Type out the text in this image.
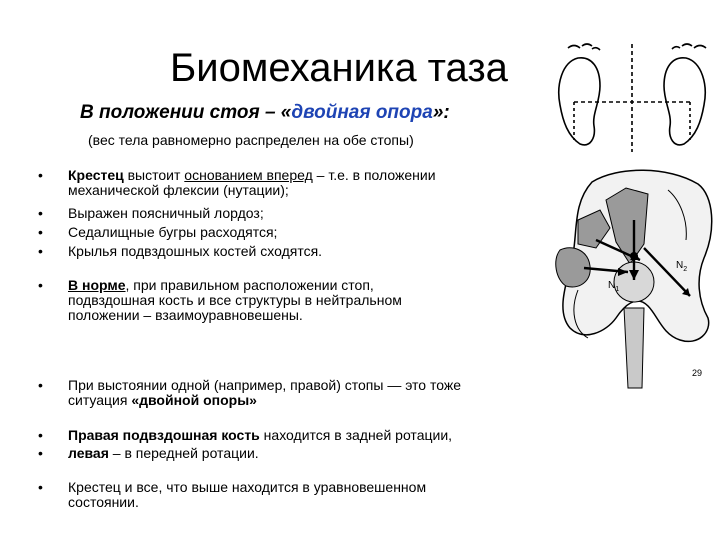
Биомеханика таза
В положении стоя – «двойная опора»:
(вес тела равномерно распределен на обе стопы)
•	Крестец выстоит основанием вперед – т.е. в положении
механической флексии (нутации);
•	Выражен поясничный лордоз;
•	Седалищные бугры расходятся;
•	Крылья подвздошных костей сходятся.
•	В норме, при правильном расположении стоп,
подвздошная кость и все структуры в нейтральном
положении – взаимоуравновешены.
•	При выстоянии одной (например, правой) стопы — это тоже
ситуация «двойной опоры»
•	Правая подвздошная кость находится в задней ротации,
•	левая – в передней ротации.
•	Крестец и все, что выше находится в уравновешенном
состоянии.
$N_1$
$N_2$
29
